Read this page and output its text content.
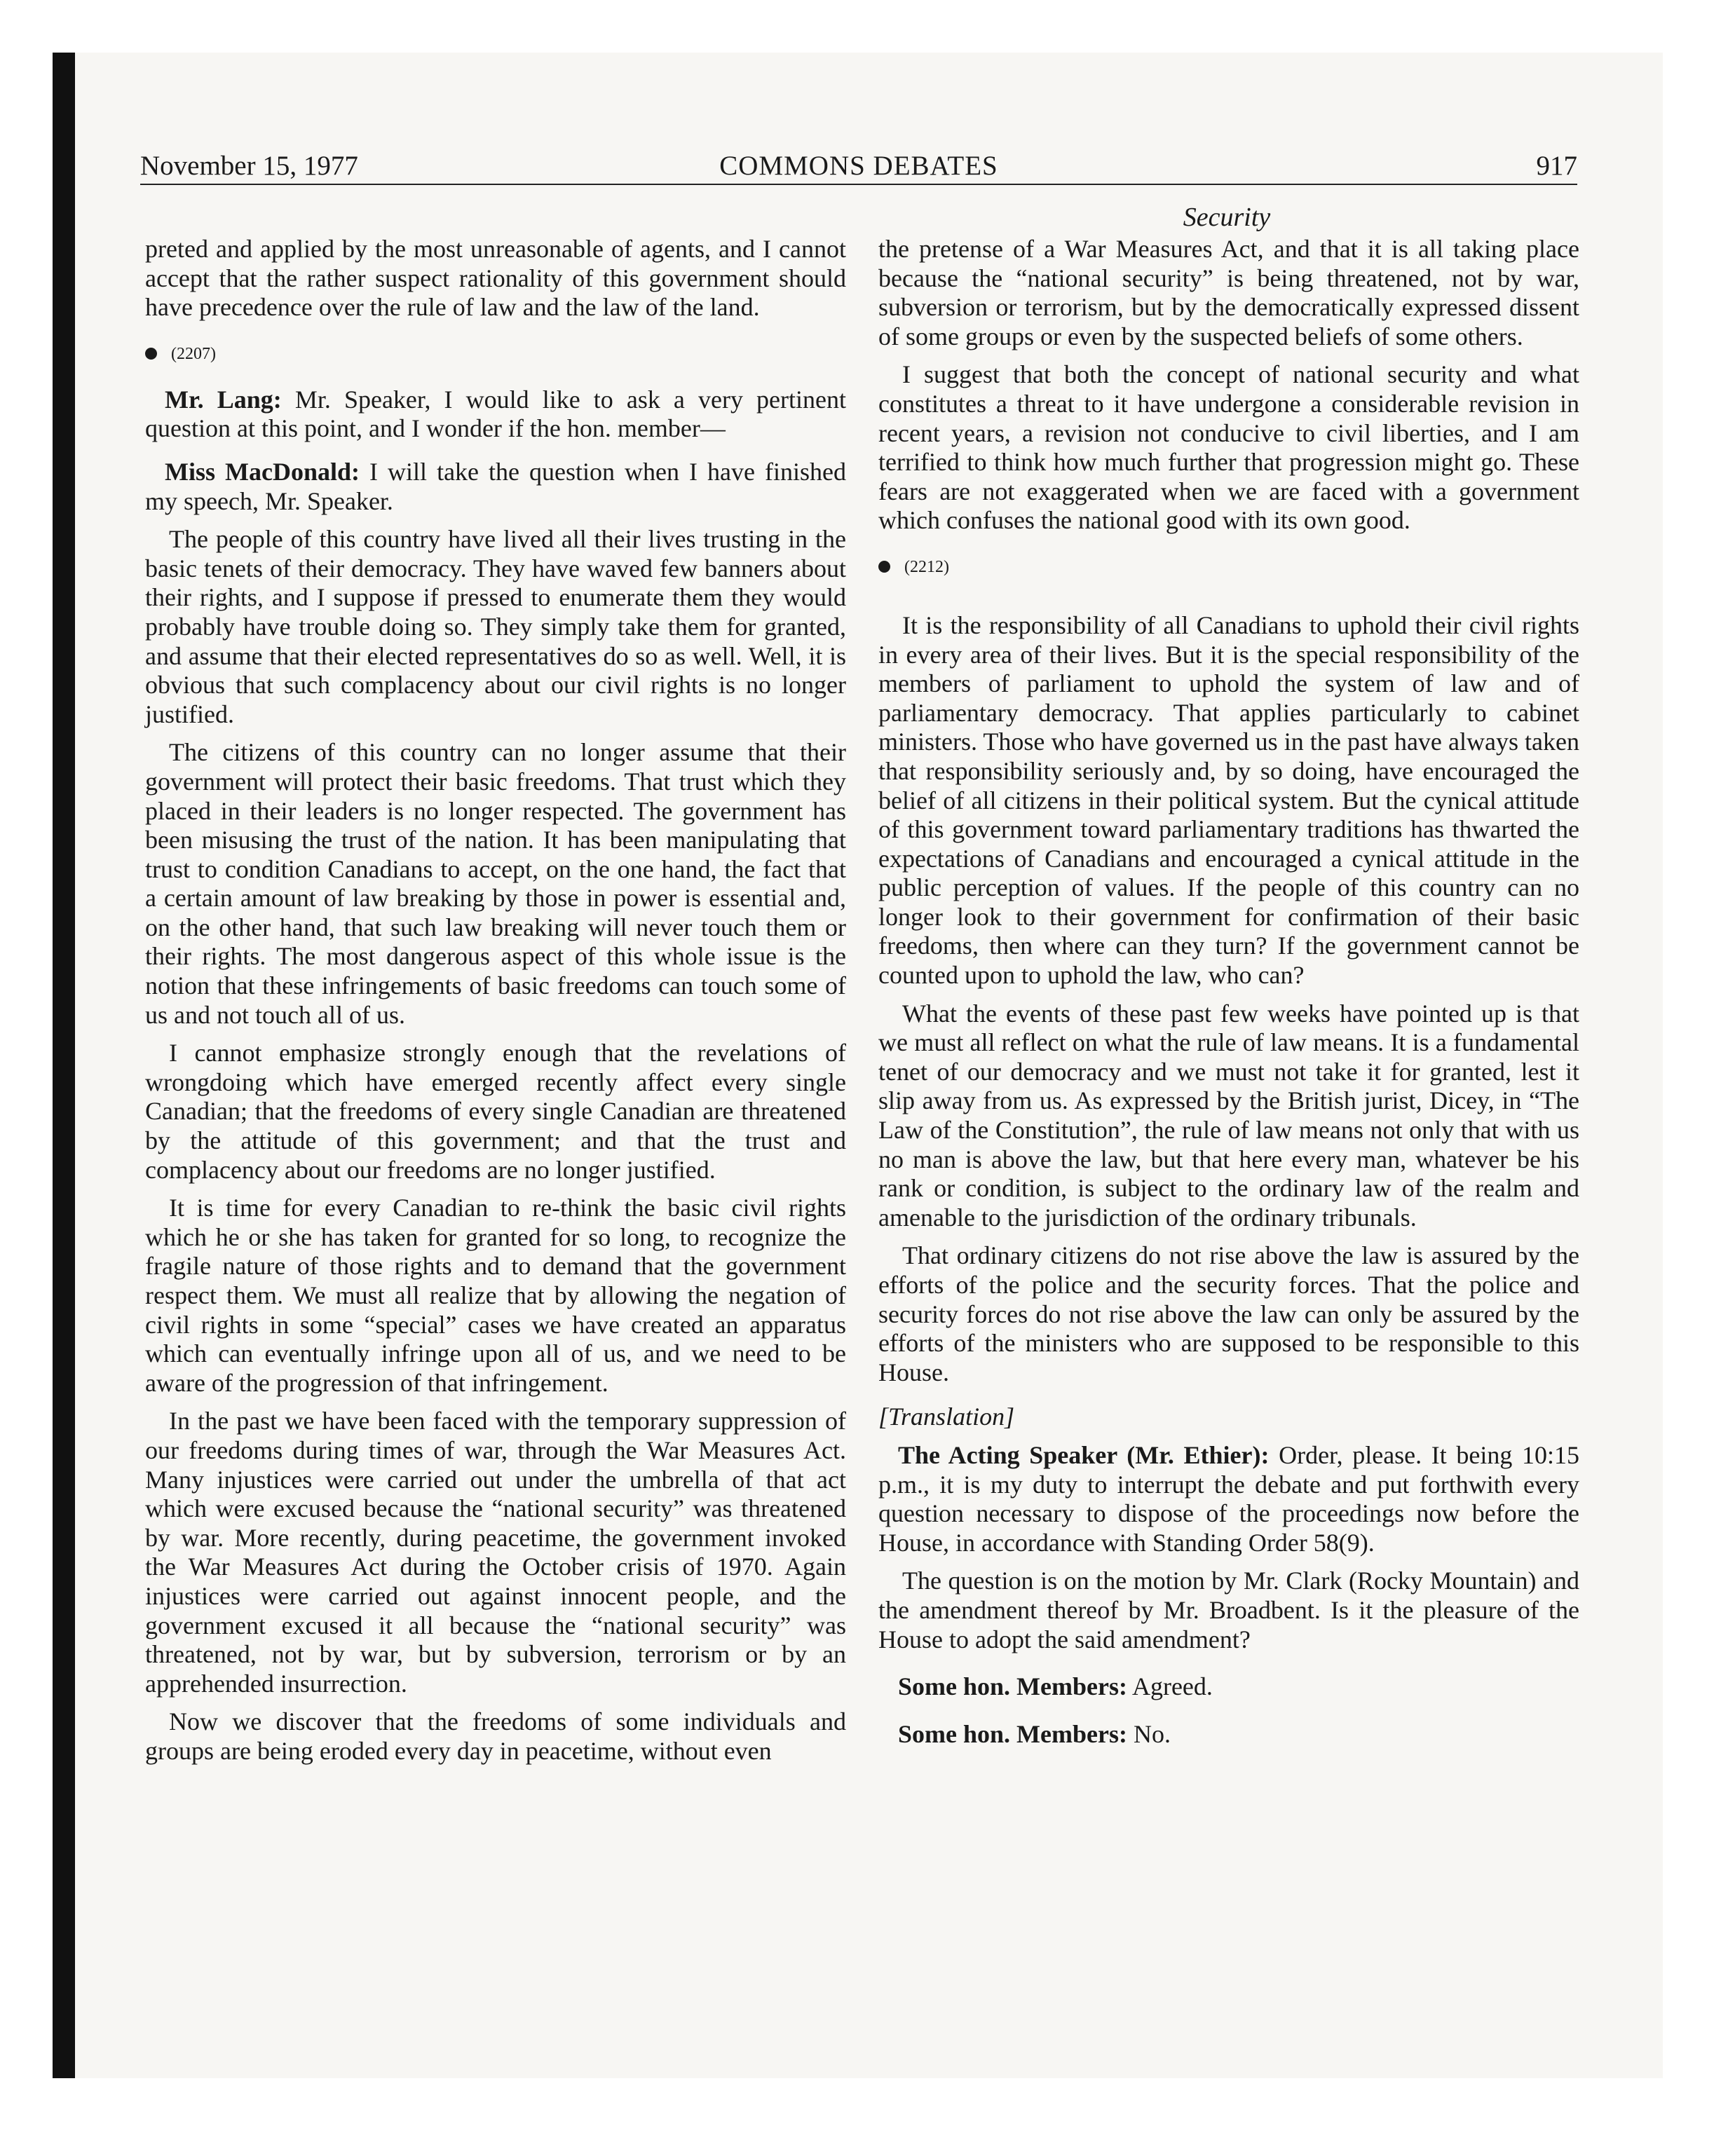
November 15, 1977	COMMONS DEBATES	917
Security

preted and applied by the most unreasonable of agents, and I cannot accept that the rather suspect rationality of this government should have precedence over the rule of law and the law of the land.

(2207)

Mr. Lang: Mr. Speaker, I would like to ask a very pertinent question at this point, and I wonder if the hon. member—

Miss MacDonald: I will take the question when I have finished my speech, Mr. Speaker.

The people of this country have lived all their lives trusting in the basic tenets of their democracy. They have waved few banners about their rights, and I suppose if pressed to enumerate them they would probably have trouble doing so. They simply take them for granted, and assume that their elected representatives do so as well. Well, it is obvious that such complacency about our civil rights is no longer justified.

The citizens of this country can no longer assume that their government will protect their basic freedoms. That trust which they placed in their leaders is no longer respected. The government has been misusing the trust of the nation. It has been manipulating that trust to condition Canadians to accept, on the one hand, the fact that a certain amount of law breaking by those in power is essential and, on the other hand, that such law breaking will never touch them or their rights. The most dangerous aspect of this whole issue is the notion that these infringements of basic freedoms can touch some of us and not touch all of us.

I cannot emphasize strongly enough that the revelations of wrongdoing which have emerged recently affect every single Canadian; that the freedoms of every single Canadian are threatened by the attitude of this government; and that the trust and complacency about our freedoms are no longer justified.

It is time for every Canadian to re-think the basic civil rights which he or she has taken for granted for so long, to recognize the fragile nature of those rights and to demand that the government respect them. We must all realize that by allowing the negation of civil rights in some “special” cases we have created an apparatus which can eventually infringe upon all of us, and we need to be aware of the progression of that infringement.

In the past we have been faced with the temporary suppression of our freedoms during times of war, through the War Measures Act. Many injustices were carried out under the umbrella of that act which were excused because the “national security” was threatened by war. More recently, during peacetime, the government invoked the War Measures Act during the October crisis of 1970. Again injustices were carried out against innocent people, and the government excused it all because the “national security” was threatened, not by war, but by subversion, terrorism or by an apprehended insurrection.

Now we discover that the freedoms of some individuals and groups are being eroded every day in peacetime, without even

the pretense of a War Measures Act, and that it is all taking place because the “national security” is being threatened, not by war, subversion or terrorism, but by the democratically expressed dissent of some groups or even by the suspected beliefs of some others.

I suggest that both the concept of national security and what constitutes a threat to it have undergone a considerable revision in recent years, a revision not conducive to civil liberties, and I am terrified to think how much further that progression might go. These fears are not exaggerated when we are faced with a government which confuses the national good with its own good.

(2212)

It is the responsibility of all Canadians to uphold their civil rights in every area of their lives. But it is the special responsibility of the members of parliament to uphold the system of law and of parliamentary democracy. That applies particularly to cabinet ministers. Those who have governed us in the past have always taken that responsibility seriously and, by so doing, have encouraged the belief of all citizens in their political system. But the cynical attitude of this government toward parliamentary traditions has thwarted the expectations of Canadians and encouraged a cynical attitude in the public perception of values. If the people of this country can no longer look to their government for confirmation of their basic freedoms, then where can they turn? If the government cannot be counted upon to uphold the law, who can?

What the events of these past few weeks have pointed up is that we must all reflect on what the rule of law means. It is a fundamental tenet of our democracy and we must not take it for granted, lest it slip away from us. As expressed by the British jurist, Dicey, in “The Law of the Constitution”, the rule of law means not only that with us no man is above the law, but that here every man, whatever be his rank or condition, is subject to the ordinary law of the realm and amenable to the jurisdiction of the ordinary tribunals.

That ordinary citizens do not rise above the law is assured by the efforts of the police and the security forces. That the police and security forces do not rise above the law can only be assured by the efforts of the ministers who are supposed to be responsible to this House.

[Translation]

The Acting Speaker (Mr. Ethier): Order, please. It being 10:15 p.m., it is my duty to interrupt the debate and put forthwith every question necessary to dispose of the proceedings now before the House, in accordance with Standing Order 58(9).

The question is on the motion by Mr. Clark (Rocky Mountain) and the amendment thereof by Mr. Broadbent. Is it the pleasure of the House to adopt the said amendment?

Some hon. Members: Agreed.

Some hon. Members: No.
